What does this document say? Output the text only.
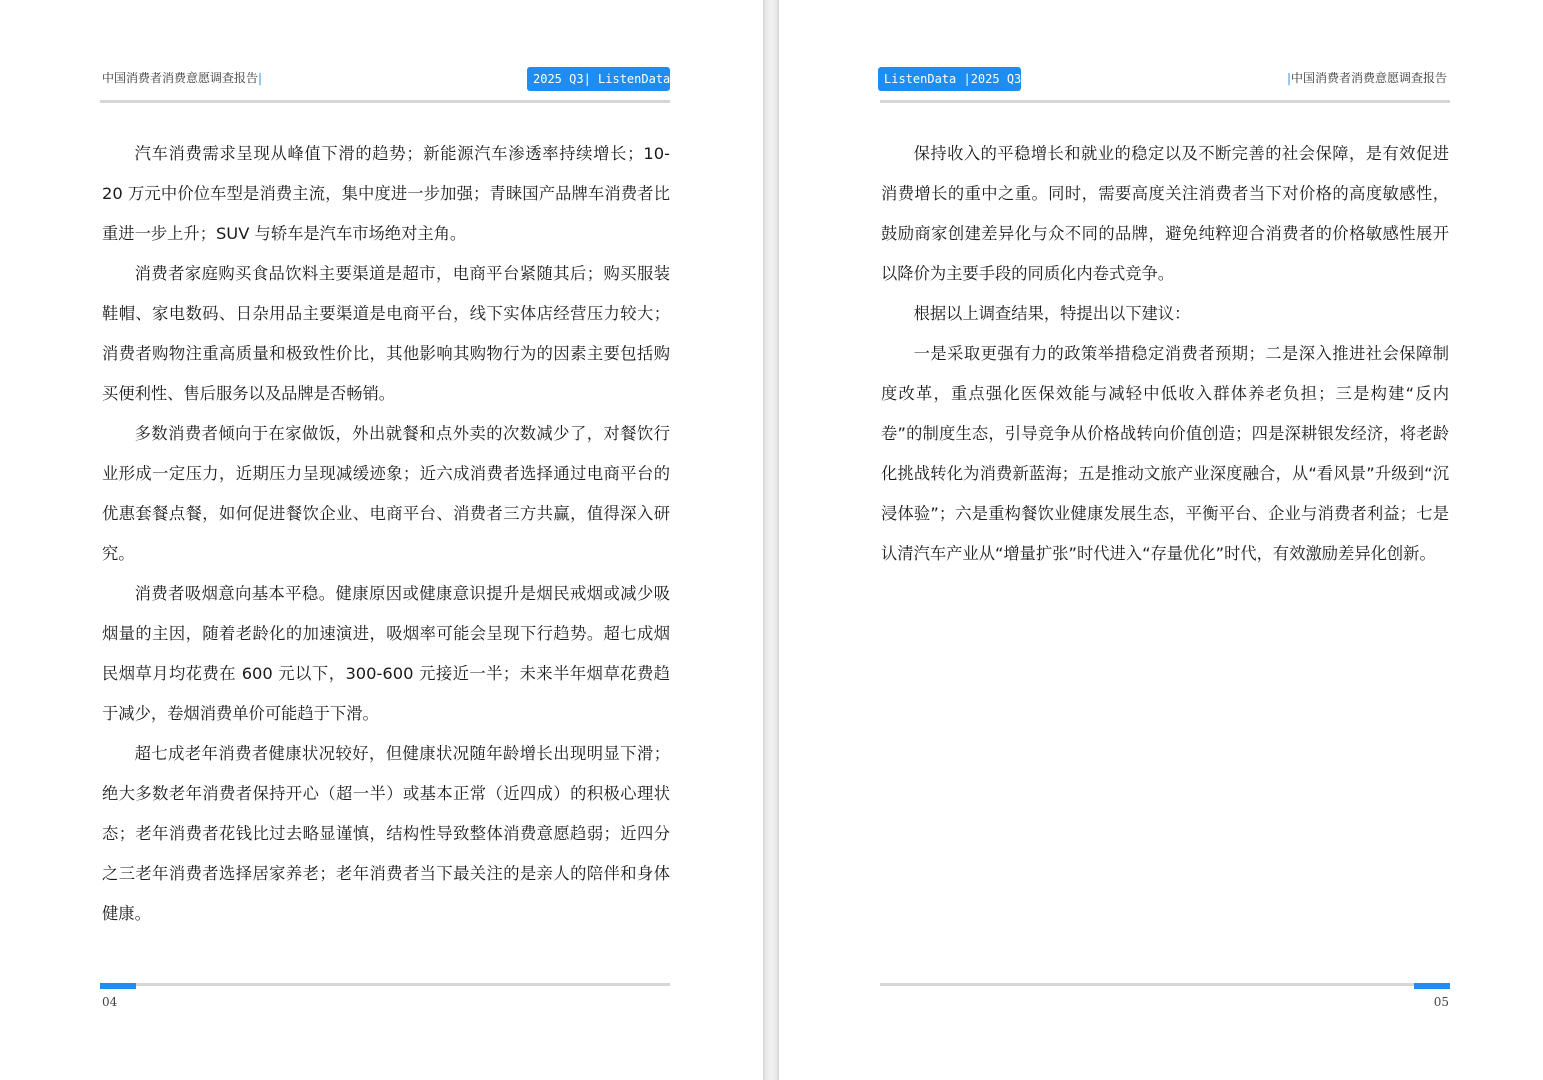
中国消费者消费意愿调查报告|	2025 Q3| ListenData

汽车消费需求呈现从峰值下滑的趋势；新能源汽车渗透率持续增长；10-20 万元中价位车型是消费主流，集中度进一步加强；青睐国产品牌车消费者比重进一步上升；SUV 与轿车是汽车市场绝对主角。

消费者家庭购买食品饮料主要渠道是超市，电商平台紧随其后；购买服装鞋帽、家电数码、日杂用品主要渠道是电商平台，线下实体店经营压力较大；消费者购物注重高质量和极致性价比，其他影响其购物行为的因素主要包括购买便利性、售后服务以及品牌是否畅销。

多数消费者倾向于在家做饭，外出就餐和点外卖的次数减少了，对餐饮行业形成一定压力，近期压力呈现减缓迹象；近六成消费者选择通过电商平台的优惠套餐点餐，如何促进餐饮企业、电商平台、消费者三方共赢，值得深入研究。

消费者吸烟意向基本平稳。健康原因或健康意识提升是烟民戒烟或减少吸烟量的主因，随着老龄化的加速演进，吸烟率可能会呈现下行趋势。超七成烟民烟草月均花费在 600 元以下，300-600 元接近一半；未来半年烟草花费趋于减少，卷烟消费单价可能趋于下滑。

超七成老年消费者健康状况较好，但健康状况随年龄增长出现明显下滑；绝大多数老年消费者保持开心（超一半）或基本正常（近四成）的积极心理状态；老年消费者花钱比过去略显谨慎，结构性导致整体消费意愿趋弱；近四分之三老年消费者选择居家养老；老年消费者当下最关注的是亲人的陪伴和身体健康。

04
ListenData |2025 Q3	|中国消费者消费意愿调查报告

保持收入的平稳增长和就业的稳定以及不断完善的社会保障，是有效促进消费增长的重中之重。同时，需要高度关注消费者当下对价格的高度敏感性，鼓励商家创建差异化与众不同的品牌，避免纯粹迎合消费者的价格敏感性展开以降价为主要手段的同质化内卷式竞争。

根据以上调查结果，特提出以下建议：

一是采取更强有力的政策举措稳定消费者预期；二是深入推进社会保障制度改革，重点强化医保效能与减轻中低收入群体养老负担；三是构建“反内卷”的制度生态，引导竞争从价格战转向价值创造；四是深耕银发经济，将老龄化挑战转化为消费新蓝海；五是推动文旅产业深度融合，从“看风景”升级到“沉浸体验”；六是重构餐饮业健康发展生态，平衡平台、企业与消费者利益；七是认清汽车产业从“增量扩张”时代进入“存量优化”时代，有效激励差异化创新。

05
